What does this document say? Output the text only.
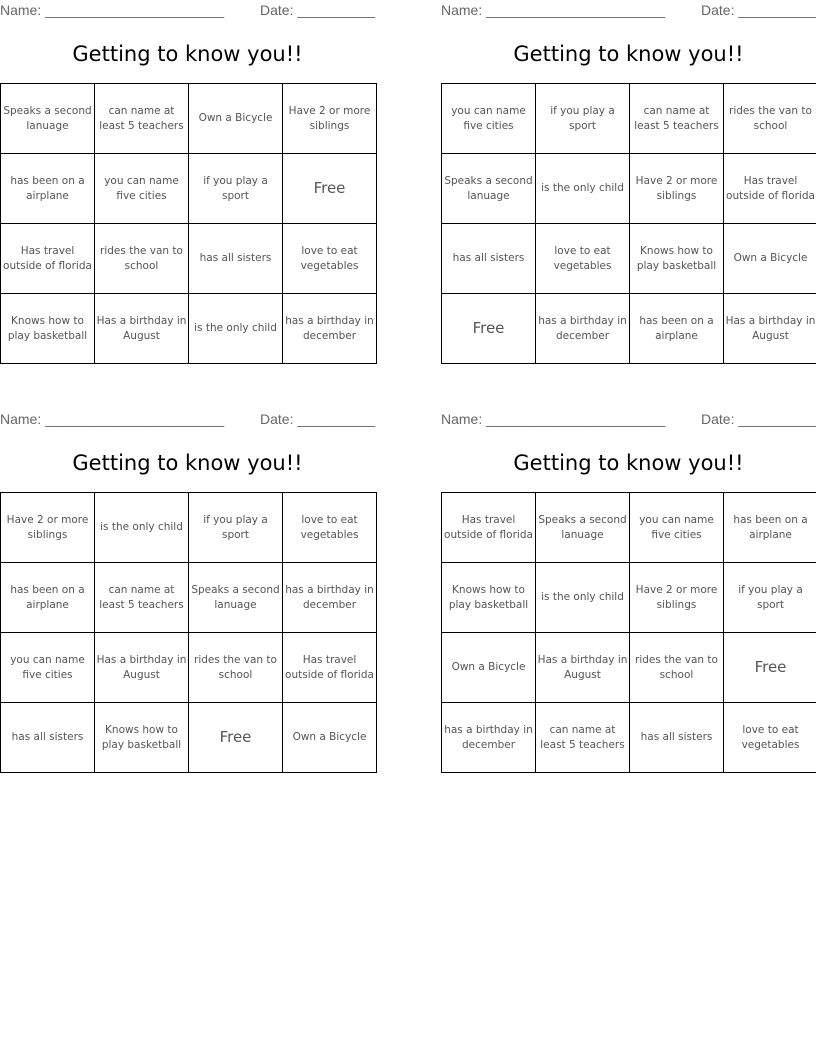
Name: _______________________	Date: __________
Getting to know you!!
Speaks a second lanuage	can name at least 5 teachers	Own a Bicycle	Have 2 or more siblings
has been on a airplane	you can name five cities	if you play a sport	Free
Has travel outside of florida	rides the van to school	has all sisters	love to eat vegetables
Knows how to play basketball	Has a birthday in August	is the only child	has a birthday in december
Name: _______________________	Date: __________
Getting to know you!!
you can name five cities	if you play a sport	can name at least 5 teachers	rides the van to school
Speaks a second lanuage	is the only child	Have 2 or more siblings	Has travel outside of florida
has all sisters	love to eat vegetables	Knows how to play basketball	Own a Bicycle
Free	has a birthday in december	has been on a airplane	Has a birthday in August
Name: _______________________	Date: __________
Getting to know you!!
Have 2 or more siblings	is the only child	if you play a sport	love to eat vegetables
has been on a airplane	can name at least 5 teachers	Speaks a second lanuage	has a birthday in december
you can name five cities	Has a birthday in August	rides the van to school	Has travel outside of florida
has all sisters	Knows how to play basketball	Free	Own a Bicycle
Name: _______________________	Date: __________
Getting to know you!!
Has travel outside of florida	Speaks a second lanuage	you can name five cities	has been on a airplane
Knows how to play basketball	is the only child	Have 2 or more siblings	if you play a sport
Own a Bicycle	Has a birthday in August	rides the van to school	Free
has a birthday in december	can name at least 5 teachers	has all sisters	love to eat vegetables
